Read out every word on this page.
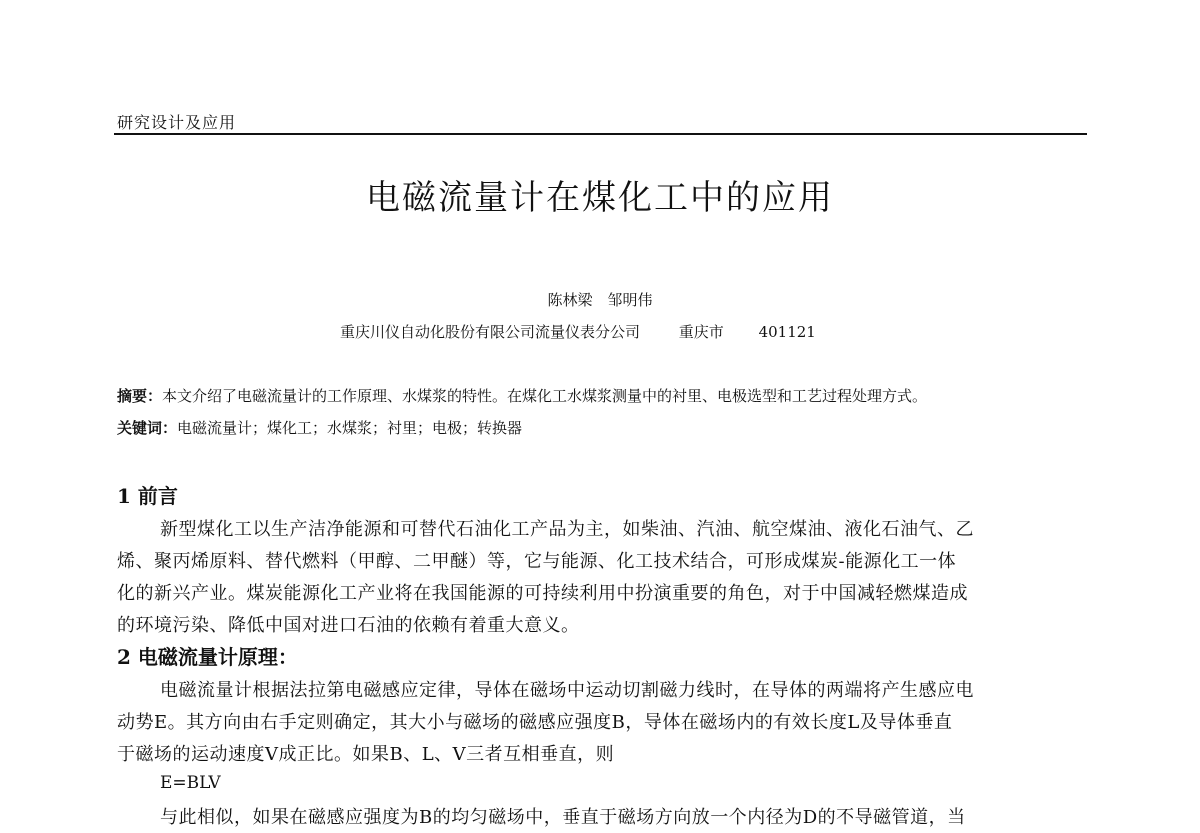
研究设计及应用
电磁流量计在煤化工中的应用
陈林梁　邹明伟
重庆川仪自动化股份有限公司流量仪表分公司	重庆市 401121
摘要：本文介绍了电磁流量计的工作原理、水煤浆的特性。在煤化工水煤浆测量中的衬里、电极选型和工艺过程处理方式。
关键词：电磁流量计；煤化工；水煤浆；衬里；电极；转换器
1 前言
新型煤化工以生产洁净能源和可替代石油化工产品为主，如柴油、汽油、航空煤油、液化石油气、乙
烯、聚丙烯原料、替代燃料（甲醇、二甲醚）等，它与能源、化工技术结合，可形成煤炭-能源化工一体
化的新兴产业。煤炭能源化工产业将在我国能源的可持续利用中扮演重要的角色，对于中国减轻燃煤造成
的环境污染、降低中国对进口石油的依赖有着重大意义。
2 电磁流量计原理：
电磁流量计根据法拉第电磁感应定律，导体在磁场中运动切割磁力线时，在导体的两端将产生感应电
动势E。其方向由右手定则确定，其大小与磁场的磁感应强度B，导体在磁场内的有效长度L及导体垂直
于磁场的运动速度V成正比。如果B、L、V三者互相垂直，则
E=BLV
与此相似，如果在磁感应强度为B的均匀磁场中，垂直于磁场方向放一个内径为D的不导磁管道，当
